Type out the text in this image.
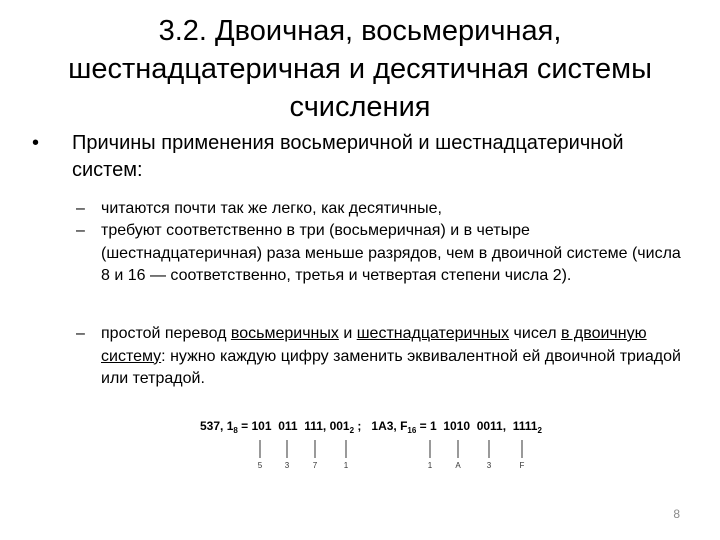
3.2. Двоичная, восьмеричная,
шестнадцатеричная и десятичная системы
счисления
•	Причины применения восьмеричной и шестнадцатеричной систем:
– читаются почти так же легко, как десятичные,
– требуют соответственно в три (восьмеричная) и в четыре (шестнадцатеричная) раза меньше разрядов, чем в двоичной системе (числа 8 и 16 — соответственно, третья и четвертая степени числа 2).
– простой перевод восьмеричных и шестнадцатеричных чисел в двоичную систему: нужно каждую цифру заменить эквивалентной ей двоичной триадой или тетрадой.
537, $1_8 = 101$  011  111, $001_2$ ;   1A3, $F_{16} = 1$  1010  0011,  $1111_2$
5	3	7	1	1	A	3	F
8
